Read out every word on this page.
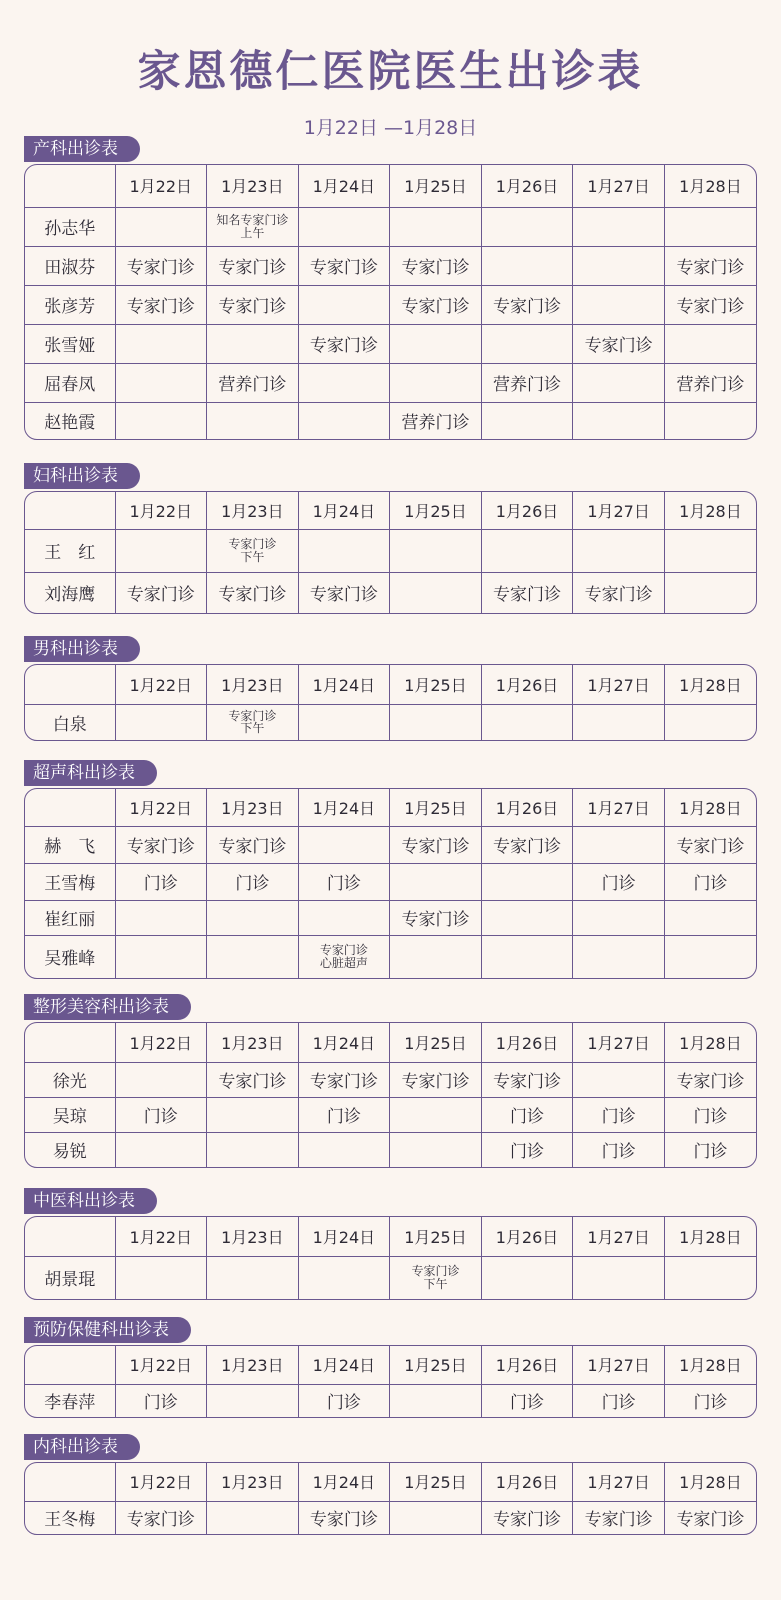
家恩德仁医院医生出诊表
1月22日 —1月28日
产科出诊表
	1月22日	1月23日	1月24日	1月25日	1月26日	1月27日	1月28日
孙志华		知名专家门诊
上午					

田淑芬	专家门诊	专家门诊	专家门诊	专家门诊			专家门诊
张彦芳	专家门诊	专家门诊		专家门诊	专家门诊		专家门诊
张雪娅			专家门诊			专家门诊	
屈春凤		营养门诊			营养门诊		营养门诊
赵艳霞				营养门诊			
妇科出诊表
	1月22日	1月23日	1月24日	1月25日	1月26日	1月27日	1月28日
王　红		专家门诊
下午					

刘海鹰	专家门诊	专家门诊	专家门诊		专家门诊	专家门诊	
男科出诊表
	1月22日	1月23日	1月24日	1月25日	1月26日	1月27日	1月28日
白泉		专家门诊
下午					

超声科出诊表
	1月22日	1月23日	1月24日	1月25日	1月26日	1月27日	1月28日
赫　飞	专家门诊	专家门诊		专家门诊	专家门诊		专家门诊
王雪梅	门诊	门诊	门诊			门诊	门诊
崔红丽				专家门诊			
吴雅峰			专家门诊
心脏超声				

整形美容科出诊表
	1月22日	1月23日	1月24日	1月25日	1月26日	1月27日	1月28日
徐光		专家门诊	专家门诊	专家门诊	专家门诊		专家门诊
吴琼	门诊		门诊		门诊	门诊	门诊
易锐					门诊	门诊	门诊
中医科出诊表
	1月22日	1月23日	1月24日	1月25日	1月26日	1月27日	1月28日
胡景琨				专家门诊
下午			

预防保健科出诊表
	1月22日	1月23日	1月24日	1月25日	1月26日	1月27日	1月28日
李春萍	门诊		门诊		门诊	门诊	门诊
内科出诊表
	1月22日	1月23日	1月24日	1月25日	1月26日	1月27日	1月28日
王冬梅	专家门诊		专家门诊		专家门诊	专家门诊	专家门诊
